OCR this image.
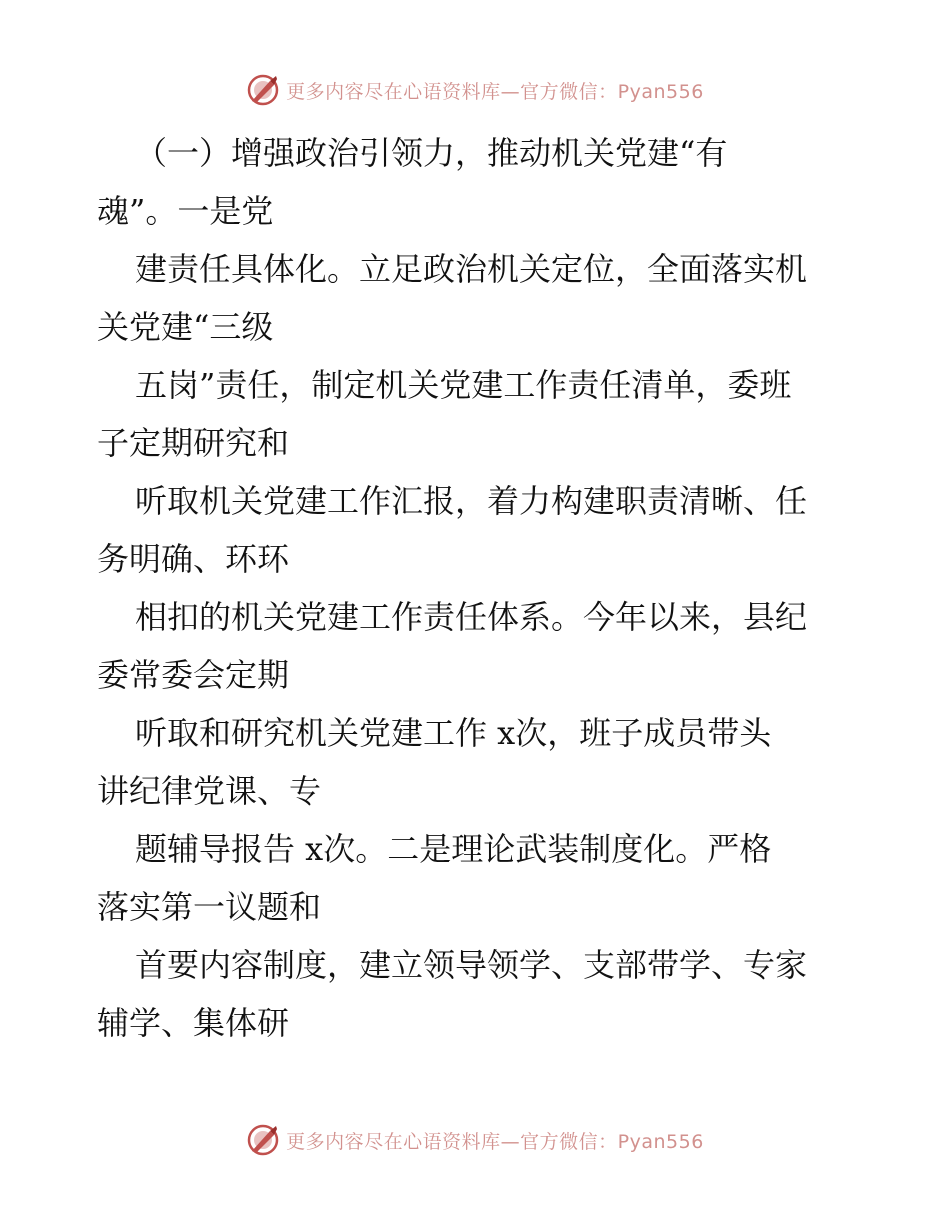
更多内容尽在心语资料库—官方微信：Pyan556
（一）增强政治引领力，推动机关党建“有
魂”。一是党
建责任具体化。立足政治机关定位，全面落实机
关党建“三级
五岗”责任，制定机关党建工作责任清单，委班
子定期研究和
听取机关党建工作汇报，着力构建职责清晰、任
务明确、环环
相扣的机关党建工作责任体系。今年以来，县纪
委常委会定期
听取和研究机关党建工作 x次，班子成员带头
讲纪律党课、专
题辅导报告 x次。二是理论武装制度化。严格
落实第一议题和
首要内容制度，建立领导领学、支部带学、专家
辅学、集体研
更多内容尽在心语资料库—官方微信：Pyan556
